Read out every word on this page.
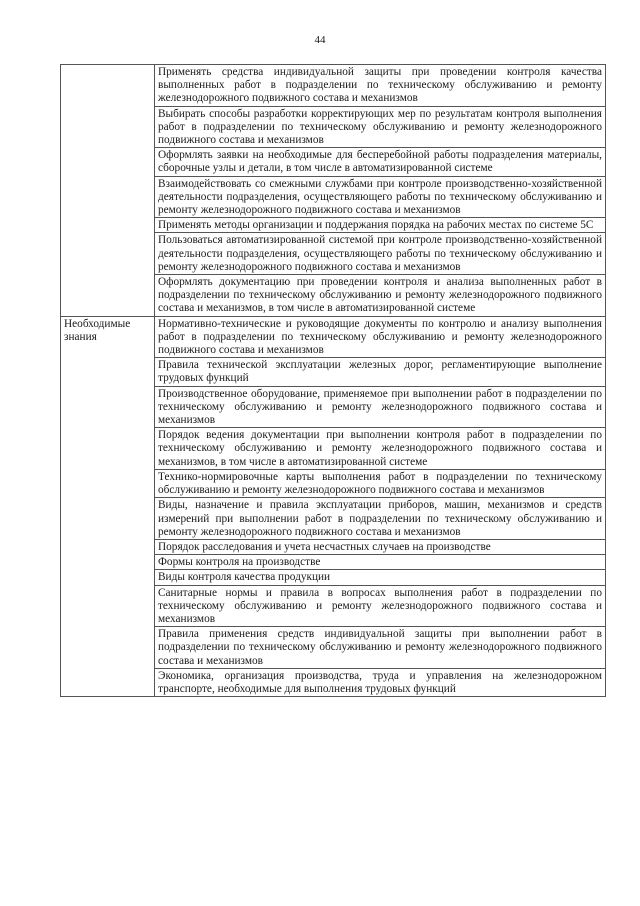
44
	Применять средства индивидуальной защиты при проведении контроля качества выполненных работ в подразделении по техническому обслуживанию и ремонту железнодорожного подвижного состава и механизмов
	Выбирать способы разработки корректирующих мер по результатам контроля выполнения работ в подразделении по техническому обслуживанию и ремонту железнодорожного подвижного состава и механизмов
	Оформлять заявки на необходимые для бесперебойной работы подразделения материалы, сборочные узлы и детали, в том числе в автоматизированной системе
	Взаимодействовать со смежными службами при контроле производственно-хозяйственной деятельности подразделения, осуществляющего работы по техническому обслуживанию и ремонту железнодорожного подвижного состава и механизмов
	Применять методы организации и поддержания порядка на рабочих местах по системе 5С
	Пользоваться автоматизированной системой при контроле производственно-хозяйственной деятельности подразделения, осуществляющего работы по техническому обслуживанию и ремонту железнодорожного подвижного состава и механизмов
	Оформлять документацию при проведении контроля и анализа выполненных работ в подразделении по техническому обслуживанию и ремонту железнодорожного подвижного состава и механизмов, в том числе в автоматизированной системе

Необходимые знания	Нормативно-технические и руководящие документы по контролю и анализу выполнения работ в подразделении по техническому обслуживанию и ремонту железнодорожного подвижного состава и механизмов
	Правила технической эксплуатации железных дорог, регламентирующие выполнение трудовых функций
	Производственное оборудование, применяемое при выполнении работ в подразделении по техническому обслуживанию и ремонту железнодорожного подвижного состава и механизмов
	Порядок ведения документации при выполнении контроля работ в подразделении по техническому обслуживанию и ремонту железнодорожного подвижного состава и механизмов, в том числе в автоматизированной системе
	Технико-нормировочные карты выполнения работ в подразделении по техническому обслуживанию и ремонту железнодорожного подвижного состава и механизмов
	Виды, назначение и правила эксплуатации приборов, машин, механизмов и средств измерений при выполнении работ в подразделении по техническому обслуживанию и ремонту железнодорожного подвижного состава и механизмов
	Порядок расследования и учета несчастных случаев на производстве
	Формы контроля на производстве
	Виды контроля качества продукции
	Санитарные нормы и правила в вопросах выполнения работ в подразделении по техническому обслуживанию и ремонту железнодорожного подвижного состава и механизмов
	Правила применения средств индивидуальной защиты при выполнении работ в подразделении по техническому обслуживанию и ремонту железнодорожного подвижного состава и механизмов
	Экономика, организация производства, труда и управления на железнодорожном транспорте, необходимые для выполнения трудовых функций
